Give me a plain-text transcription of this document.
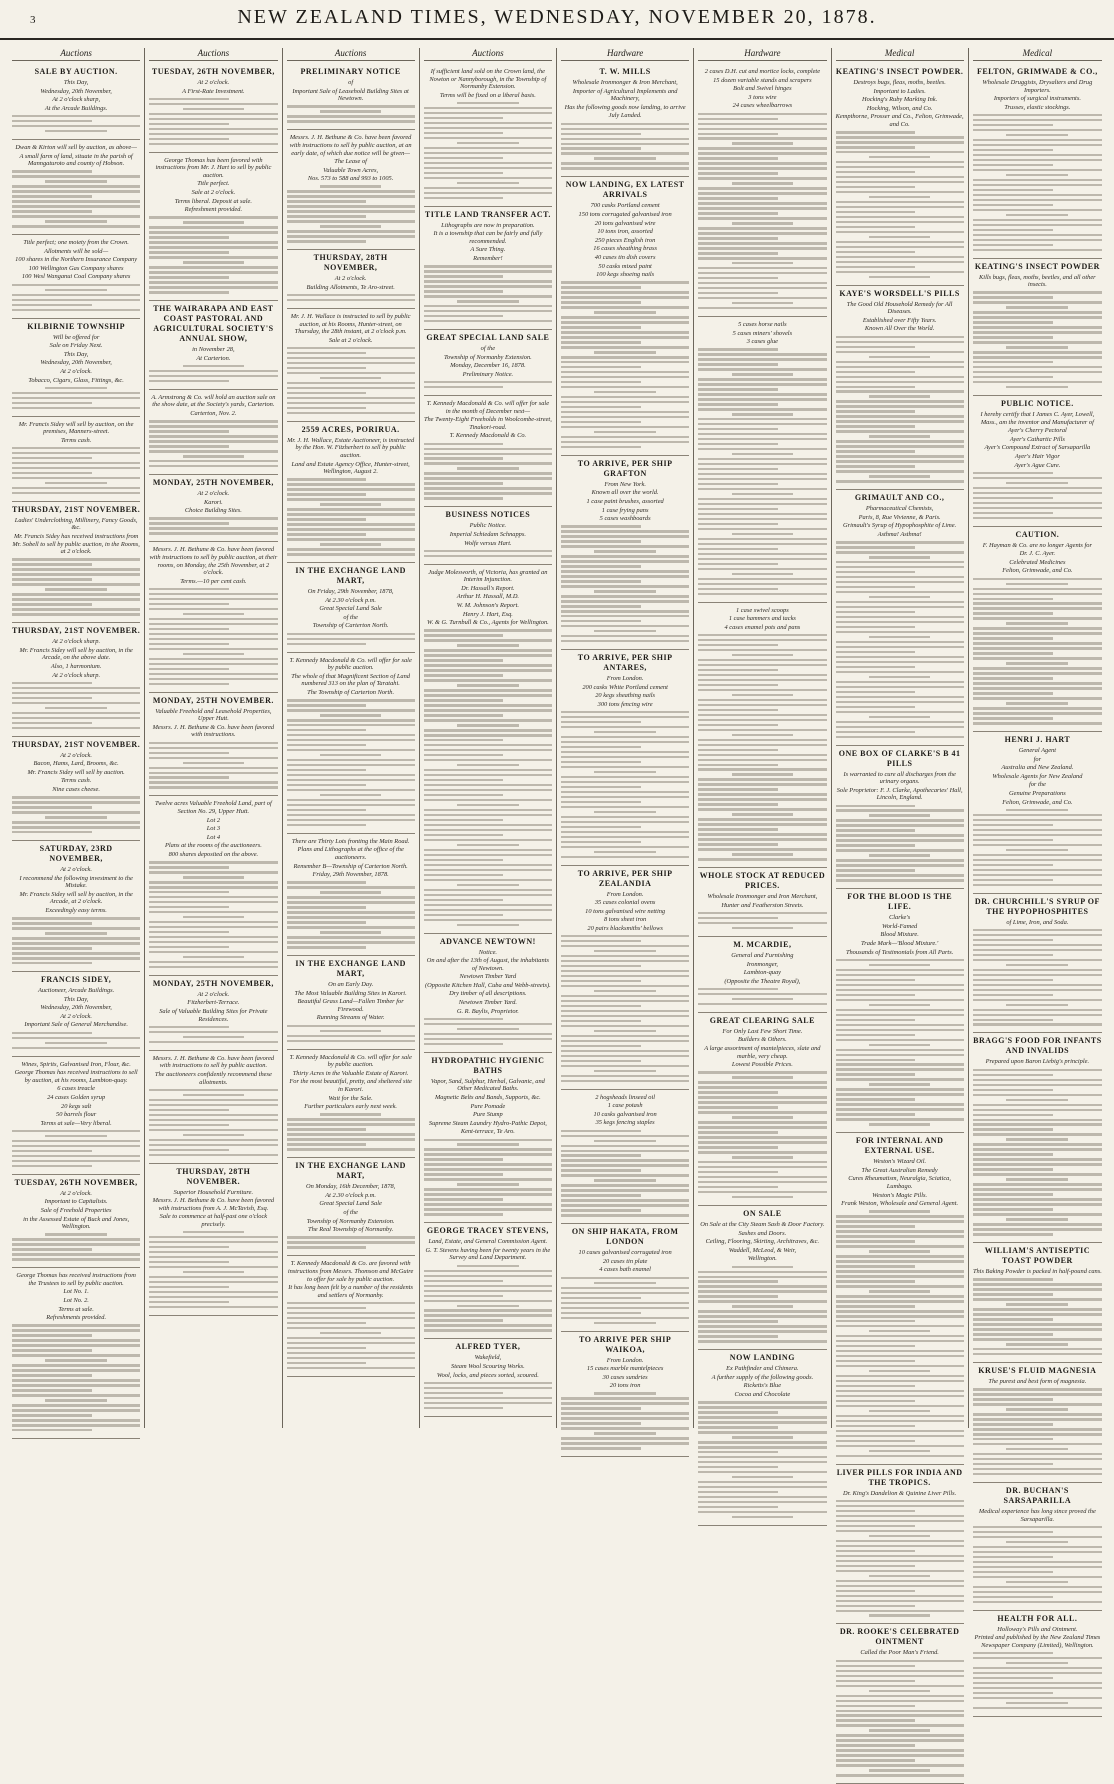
3	NEW ZEALAND TIMES, WEDNESDAY, NOVEMBER 20, 1878.
Auctions
SALE BY AUCTION.
This Day,
Wednesday, 20th November,
At 2 o'clock sharp,
At the Arcade Buildings.
Dwan & Kirton will sell by auction, as above—
A small farm of land, situate in the parish of Manngaturoto and county of Hobson.
Title perfect; one moiety from the Crown.
Allotments will be sold—
100 shares in the Northern Insurance Company
100 Wellington Gas Company shares
100 Wesl Wanganui Coal Company shares
KILBIRNIE TOWNSHIP
Will be offered for
Sale on Friday Next.
This Day,
Wednesday, 20th November,
At 2 o'clock.
Tobacco, Cigars, Glass, Fittings, &c.
Mr. Francis Sidey will sell by auction, on the premises, Manners-street.
Terms cash.
THURSDAY, 21ST NOVEMBER.
Ladies' Underclothing, Millinery, Fancy Goods, &c.
Mr. Francis Sidey has received instructions from Mr. Sobell to sell by public auction, in the Rooms, at 2 o'clock.
THURSDAY, 21ST NOVEMBER.
At 2 o'clock sharp.
Mr. Francis Sidey will sell by auction, in the Arcade, on the above date.
Also, 1 harmonium.
At 2 o'clock sharp.
THURSDAY, 21ST NOVEMBER.
At 2 o'clock.
Bacon, Hams, Lard, Brooms, &c.
Mr. Francis Sidey will sell by auction.
Terms cash.
Nine cases cheese.
SATURDAY, 23RD NOVEMBER,
At 2 o'clock.
I recommend the following investment to the Mistake.
Mr. Francis Sidey will sell by auction, in the Arcade, at 2 o'clock.
Exceedingly easy terms.
FRANCIS SIDEY,
Auctioneer, Arcade Buildings.
This Day,
Wednesday, 20th November,
At 2 o'clock.
Important Sale of General Merchandise.
Wines, Spirits, Galvanised Iron, Flour, &c.
George Thomas has received instructions to sell by auction, at his rooms, Lambton-quay.
6 cases treacle
24 cases Golden syrup
20 kegs salt
50 barrels flour
Terms at sale—Very liberal.
TUESDAY, 26TH NOVEMBER,
At 2 o'clock.
Important to Capitalists.
Sale of Freehold Properties
in the Assessed Estate of Buck and Jones, Wellington.
George Thomas has received instructions from the Trustees to sell by public auction.
Lot No. 1.
Lot No. 2.
Terms at sale.
Refreshments provided.
Auctions
TUESDAY, 26TH NOVEMBER,
At 2 o'clock.
A First-Rate Investment.
George Thomas has been favored with instructions from Mr. J. Hart to sell by public auction.
Title perfect.
Sale at 2 o'clock.
Terms liberal. Deposit at sale.
Refreshment provided.
THE WAIRARAPA AND EAST COAST PASTORAL AND AGRICULTURAL SOCIETY'S ANNUAL SHOW,
in November 28,
At Carterton.
A. Armstrong & Co. will hold an auction sale on the show date, at the Society's yards, Carterton.
Carterton, Nov. 2.
MONDAY, 25TH NOVEMBER,
At 2 o'clock.
Karori.
Choice Building Sites.
Messrs. J. H. Bethune & Co. have been favored with instructions to sell by public auction, at their rooms, on Monday, the 25th November, at 2 o'clock.
Terms.—10 per cent cash.
MONDAY, 25TH NOVEMBER.
Valuable Freehold and Leasehold Properties, Upper Hutt.
Messrs. J. H. Bethune & Co. have been favored with instructions.
Twelve acres Valuable Freehold Land, part of Section No. 29, Upper Hutt.
Lot 2
Lot 3
Lot 4
Plans at the rooms of the auctioneers.
800 shares deposited on the above.
MONDAY, 25TH NOVEMBER,
At 2 o'clock.
Fitzherbert-Terrace.
Sale of Valuable Building Sites for Private Residences.
Messrs. J. H. Bethune & Co. have been favored with instructions to sell by public auction.
The auctioneers confidently recommend these allotments.
THURSDAY, 28TH NOVEMBER.
Superior Household Furniture.
Messrs. J. H. Bethune & Co. have been favored with instructions from A. J. McTavish, Esq.
Sale to commence at half-past one o'clock precisely.
Auctions
PRELIMINARY NOTICE
of
Important Sale of Leasehold Building Sites at Newtown.
Messrs. J. H. Bethune & Co. have been favored with instructions to sell by public auction, at an early date, of which due notice will be given—
The Lease of
Valuable Town Acres,
Nos. 573 to 588 and 993 to 1005.
THURSDAY, 28TH NOVEMBER,
At 2 o'clock.
Building Allotments, Te Aro-street.
Mr. J. H. Wallace is instructed to sell by public auction, at his Rooms, Hunter-street, on Thursday, the 28th instant, at 2 o'clock p.m.
Sale at 2 o'clock.
2559 ACRES, PORIRUA.
Mr. J. H. Wallace, Estate Auctioneer, is instructed by the Hon. W. Fitzherbert to sell by public auction.
Land and Estate Agency Office, Hunter-street, Wellington, August 2.
IN THE EXCHANGE LAND MART,
On Friday, 29th November, 1878,
At 2.30 o'clock p.m.
Great Special Land Sale
of the
Township of Carterton North.
T. Kennedy Macdonald & Co. will offer for sale by public auction.
The whole of that Magnificent Section of Land numbered 313 on the plan of Taratahi.
The Township of Carterton North.
There are Thirty Lots fronting the Main Road.
Plans and Lithographs at the office of the auctioneers.
Remember B—Township of Carterton North.
Friday, 29th November, 1878.
IN THE EXCHANGE LAND MART,
On an Early Day.
The Most Valuable Building Sites in Karori.
Beautiful Grass Land—Fallen Timber for Firewood.
Running Streams of Water.
T. Kennedy Macdonald & Co. will offer for sale by public auction.
Thirty Acres in the Valuable Estate of Karori.
For the most beautiful, pretty, and sheltered site in Karori.
Wait for the Sale.
Further particulars early next week.
IN THE EXCHANGE LAND MART,
On Monday, 16th December, 1878,
At 2.30 o'clock p.m.
Great Special Land Sale
of the
Township of Normanby Extension.
The Real Township of Normanby.
T. Kennedy Macdonald & Co. are favored with instructions from Messrs. Thomson and McGuire to offer for sale by public auction.
It has long been felt by a number of the residents and settlers of Normanby.
Auctions
If sufficient land sold on the Crown land, the Nowton or Nannyborough, in the Township of Normanby Extension.
Terms will be fixed on a liberal basis.
TITLE LAND TRANSFER ACT.
Lithographs are now in preparation.
It is a township that can be fairly and fully recommended.
A Sure Thing.
Remember!
GREAT SPECIAL LAND SALE
of the
Township of Normanby Extension.
Monday, December 16, 1878.
Preliminary Notice.
T. Kennedy Macdonald & Co. will offer for sale in the month of December next—
The Twenty-Eight Freeholds in Woolcombe-street, Tinakori-road.
T. Kennedy Macdonald & Co.
BUSINESS NOTICES
Public Notice.
Imperial Schiedam Schnapps.
Wolfe versus Hart.
Judge Molesworth, of Victoria, has granted an Interim Injunction.
Dr. Hassall's Report.
Arthur H. Hassall, M.D.
W. M. Johnson's Report.
Henry J. Hart, Esq.
W. & G. Turnbull & Co., Agents for Wellington.
ADVANCE NEWTOWN!
Notice.
On and after the 13th of August, the inhabitants of Newtown.
Newtown Timber Yard
(Opposite Kitchen Hall, Cuba and Webb-streets).
Dry timber of all descriptions.
Newtown Timber Yard.
G. R. Baylis, Proprietor.
HYDROPATHIC HYGIENIC BATHS
Vapor, Sand, Sulphur, Herbal, Galvanic, and Other Medicated Baths.
Magnetic Belts and Bands, Supports, &c.
Pure Pomade
Pure Stump
Supreme Steam Laundry Hydro-Pathic Depot,
Kent-terrace, Te Aro.
GEORGE TRACEY STEVENS,
Land, Estate, and General Commission Agent.
G. T. Stevens having been for twenty years in the Survey and Land Department.
ALFRED TYER,
Wakefield,
Steam Wool Scouring Works.
Wool, locks, and pieces sorted, scoured.
Hardware
T. W. MILLS
Wholesale Ironmonger & Iron Merchant,
Importer of Agricultural Implements and Machinery,
Has the following goods now landing, to arrive
July Landed.
NOW LANDING, EX LATEST ARRIVALS
700 casks Portland cement
150 tons corrugated galvanised iron
20 tons galvanised wire
10 tons iron, assorted
250 pieces English iron
16 cases sheathing brass
40 cases tin dish covers
50 casks mixed paint
100 kegs shoeing nails
TO ARRIVE, PER SHIP GRAFTON
From New York.
Known all over the world.
1 case paint brushes, assorted
1 case frying pans
5 cases washboards
TO ARRIVE, PER SHIP ANTARES,
From London.
200 casks White Portland cement
20 kegs sheathing nails
300 tons fencing wire
TO ARRIVE, PER SHIP ZEALANDIA
From London.
35 cases colonial ovens
10 tons galvanised wire netting
8 tons sheet iron
20 pairs blacksmiths' bellows
2 hogsheads linseed oil
1 case potash
10 casks galvanised iron
35 kegs fencing staples
ON SHIP HAKATA, FROM LONDON
10 cases galvanised corrugated iron
20 cases tin plate
4 cases bath enamel
TO ARRIVE PER SHIP WAIKOA,
From London.
15 cases marble mantelpieces
30 cases sundries
20 tons iron
Hardware
2 cases D.H. cut and mortice locks, complete
15 dozen variable stands and scrapers
Bolt and Swivel hinges
3 tons wire
24 cases wheelbarrows
5 cases horse nails
5 cases miners' shovels
3 cases glue
1 case swivel scoops
1 case hammers and tacks
4 cases enamel pots and pans
WHOLE STOCK AT REDUCED PRICES.
Wholesale Ironmonger and Iron Merchant,
Hunter and Featherston Streets.
M. MCARDIE,
General and Furnishing
Ironmonger,
Lambton-quay
(Opposite the Theatre Royal),
GREAT CLEARING SALE
For Only Last Few Short Time.
Builders & Others.
A large assortment of mantelpieces, slate and marble, very cheap.
Lowest Possible Prices.
ON SALE
On Sale at the City Steam Sash & Door Factory.
Sashes and Doors.
Ceiling, Flooring, Skirting, Architraves, &c.
Waddell, McLeod, & Weir,
Wellington.
NOW LANDING
Ex Pathfinder and Chimera.
A further supply of the following goods.
Ricketts's Blue
Cocoa and Chocolate
Medical
KEATING'S INSECT POWDER.
Destroys bugs, fleas, moths, beetles.
Important to Ladies.
Hocking's Ruby Marking Ink.
Hocking, Wilson, and Co.
Kempthorne, Prosser and Co., Felton, Grimwade, and Co.
KAYE'S WORSDELL'S PILLS
The Good Old Household Remedy for All Diseases.
Established over Fifty Years.
Known All Over the World.
GRIMAULT AND CO.,
Pharmaceutical Chemists,
Paris, 8, Rue Vivienne, & Paris.
Grimault's Syrup of Hypophosphite of Lime.
Asthma! Asthma!
ONE BOX OF CLARKE'S B 41 PILLS
Is warranted to cure all discharges from the urinary organs.
Sole Proprietor: F. J. Clarke, Apothecaries' Hall, Lincoln, England.
FOR THE BLOOD IS THE LIFE.
Clarke's
World-Famed
Blood Mixture.
Trade Mark—'Blood Mixture.'
Thousands of Testimonials from All Parts.
FOR INTERNAL AND EXTERNAL USE.
Weston's Wizard Oil.
The Great Australian Remedy
Cures Rheumatism, Neuralgia, Sciatica, Lumbago.
Weston's Magic Pills.
Frank Weston, Wholesale and General Agent.
LIVER PILLS FOR INDIA AND THE TROPICS.
Dr. King's Dandelion & Quinine Liver Pills.
DR. ROOKE'S CELEBRATED OINTMENT
Called the Poor Man's Friend.
Medical
FELTON, GRIMWADE & CO.,
Wholesale Druggists, Drysalters and Drug Importers.
Importers of surgical instruments.
Trusses, elastic stockings.
KEATING'S INSECT POWDER
Kills bugs, fleas, moths, beetles, and all other insects.
PUBLIC NOTICE.
I hereby certify that I James C. Ayer, Lowell, Mass., am the inventor and Manufacturer of
Ayer's Cherry Pectoral
Ayer's Cathartic Pills
Ayer's Compound Extract of Sarsaparilla
Ayer's Hair Vigor
Ayer's Ague Cure.
CAUTION.
F. Hayman & Co. are no longer Agents for
Dr. J. C. Ayer.
Celebrated Medicines
Felton, Grimwade, and Co.
HENRI J. HART
General Agent
for
Australia and New Zealand.
Wholesale Agents for New Zealand
for the
Genuine Preparations
Felton, Grimwade, and Co.
DR. CHURCHILL'S SYRUP OF THE HYPOPHOSPHITES
of Lime, Iron, and Soda.
BRAGG'S FOOD FOR INFANTS AND INVALIDS
Prepared upon Baron Liebig's principle.
WILLIAM'S ANTISEPTIC TOAST POWDER
This Baking Powder is packed in half-pound cans.
KRUSE'S FLUID MAGNESIA
The purest and best form of magnesia.
DR. BUCHAN'S SARSAPARILLA
Medical experience has long since proved the Sarsaparilla.
HEALTH FOR ALL.
Holloway's Pills and Ointment.
Printed and published by the New Zealand Times Newspaper Company (Limited), Wellington.
